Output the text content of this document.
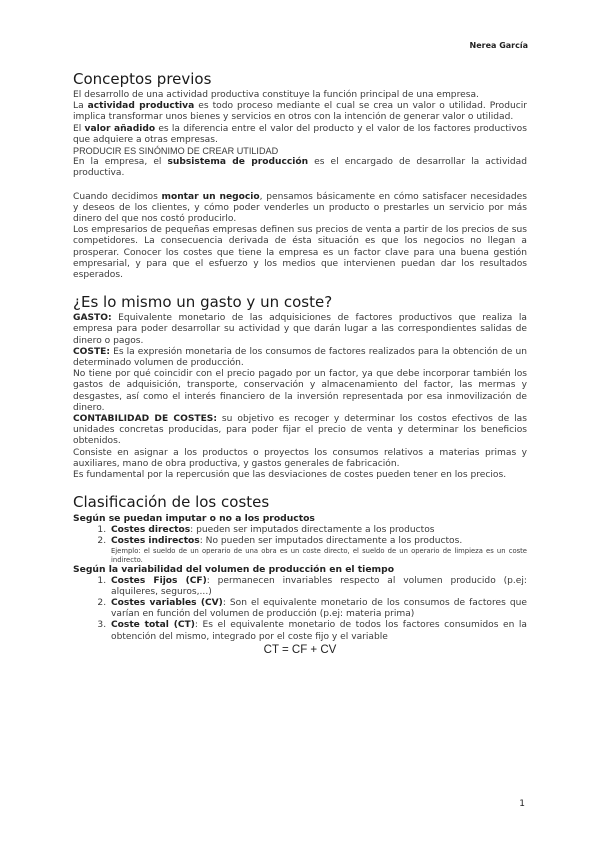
Nerea García
Conceptos previos

El desarrollo de una actividad productiva constituye la función principal de una empresa.

La actividad productiva es todo proceso mediante el cual se crea un valor o utilidad. Producir implica transformar unos bienes y servicios en otros con la intención de generar valor o utilidad.

El valor añadido es la diferencia entre el valor del producto y el valor de los factores productivos que adquiere a otras empresas.

PRODUCIR ES SINÓNIMO DE CREAR UTILIDAD

En la empresa, el subsistema de producción es el encargado de desarrollar la actividad productiva.

Cuando decidimos montar un negocio, pensamos básicamente en cómo satisfacer necesidades y deseos de los clientes, y cómo poder venderles un producto o prestarles un servicio por más dinero del que nos costó producirlo.

Los empresarios de pequeñas empresas definen sus precios de venta a partir de los precios de sus competidores. La consecuencia derivada de ésta situación es que los negocios no llegan a prosperar. Conocer los costes que tiene la empresa es un factor clave para una buena gestión empresarial, y para que el esfuerzo y los medios que intervienen puedan dar los resultados esperados.

¿Es lo mismo un gasto y un coste?

GASTO: Equivalente monetario de las adquisiciones de factores productivos que realiza la empresa para poder desarrollar su actividad y que darán lugar a las correspondientes salidas de dinero o pagos.

COSTE: Es la expresión monetaria de los consumos de factores realizados para la obtención de un determinado volumen de producción.

No tiene por qué coincidir con el precio pagado por un factor, ya que debe incorporar también los gastos de adquisición, transporte, conservación y almacenamiento del factor, las mermas y desgastes, así como el interés financiero de la inversión representada por esa inmovilización de dinero.

CONTABILIDAD DE COSTES: su objetivo es recoger y determinar los costos efectivos de las unidades concretas producidas, para poder fijar el precio de venta y determinar los beneficios obtenidos.

Consiste en asignar a los productos o proyectos los consumos relativos a materias primas y auxiliares, mano de obra productiva, y gastos generales de fabricación.

Es fundamental por la repercusión que las desviaciones de costes pueden tener en los precios.

Clasificación de los costes

Según se puedan imputar o no a los productos

1. Costes directos: pueden ser imputados directamente a los productos
2. Costes indirectos: No pueden ser imputados directamente a los productos.
Ejemplo: el sueldo de un operario de una obra es un coste directo, el sueldo de un operario de limpieza es un coste indirecto.

Según la variabilidad del volumen de producción en el tiempo

1. Costes Fijos (CF): permanecen invariables respecto al volumen producido (p.ej: alquileres, seguros,...)
2. Costes variables (CV): Son el equivalente monetario de los consumos de factores que varían en función del volumen de producción (p.ej: materia prima)
3. Coste total (CT): Es el equivalente monetario de todos los factores consumidos en la obtención del mismo, integrado por el coste fijo y el variable

CT = CF + CV

1
